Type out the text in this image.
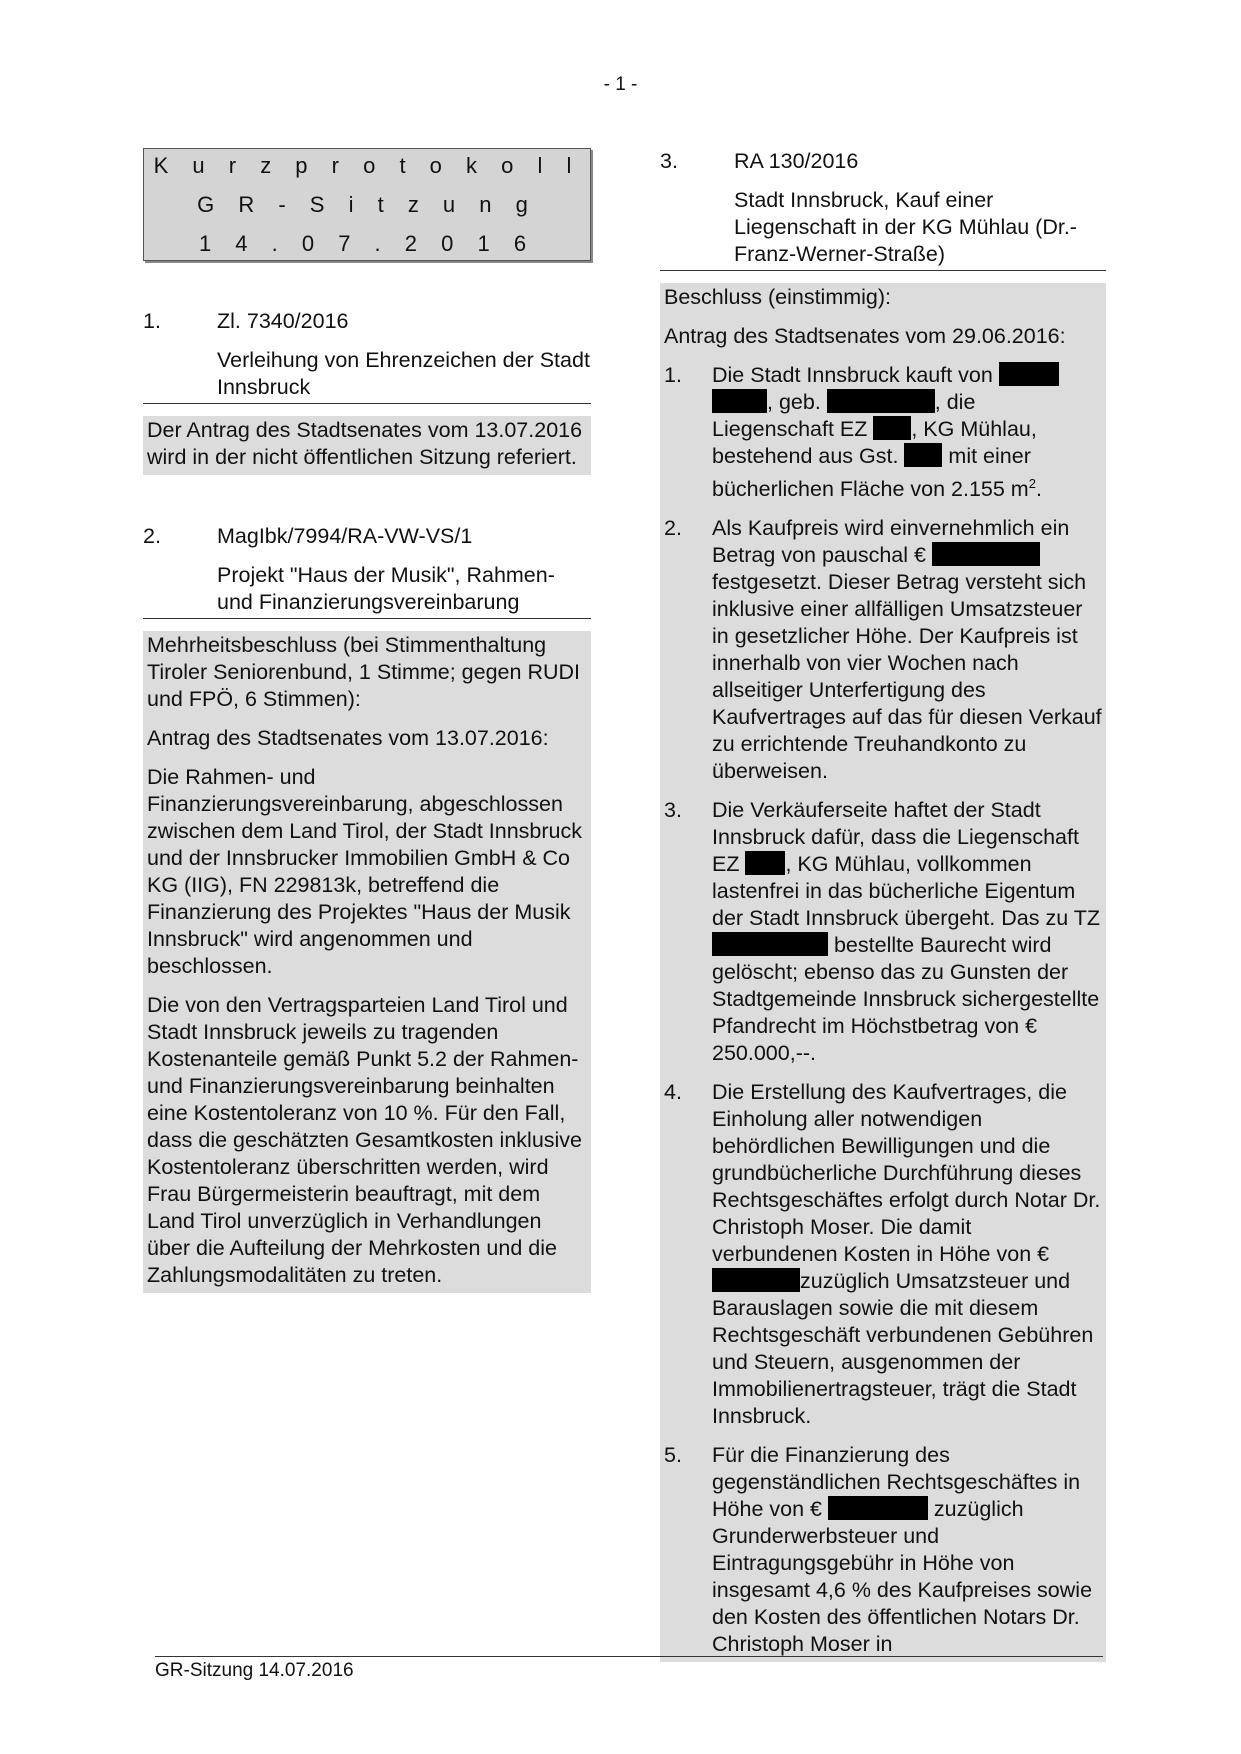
- 1 -
K u r z p r o t o k o l l
G R - S i t z u n g
1 4 . 0 7 . 2 0 1 6
1.	Zl. 7340/2016
Verleihung von Ehrenzeichen der Stadt Innsbruck

Der Antrag des Stadtsenates vom 13.07.2016 wird in der nicht öffentlichen Sitzung referiert.

2.	MagIbk/7994/RA-VW-VS/1
Projekt "Haus der Musik", Rahmen- und Finanzierungsvereinbarung

Mehrheitsbeschluss (bei Stimmenthaltung Tiroler Seniorenbund, 1 Stimme; gegen RUDI und FPÖ, 6 Stimmen):

Antrag des Stadtsenates vom 13.07.2016:

Die Rahmen- und Finanzierungsvereinbarung, abgeschlossen zwischen dem Land Tirol, der Stadt Innsbruck und der Innsbrucker Immobilien GmbH & Co KG (IIG), FN 229813k, betreffend die Finanzierung des Projektes "Haus der Musik Innsbruck" wird angenommen und beschlossen.

Die von den Vertragsparteien Land Tirol und Stadt Innsbruck jeweils zu tragenden Kostenanteile gemäß Punkt 5.2 der Rahmen- und Finanzierungsvereinbarung beinhalten eine Kostentoleranz von 10 %. Für den Fall, dass die geschätzten Gesamtkosten inklusive Kostentoleranz überschritten werden, wird Frau Bürgermeisterin beauftragt, mit dem Land Tirol unverzüglich in Verhandlungen über die Aufteilung der Mehrkosten und die Zahlungsmodalitäten zu treten.

3.	RA 130/2016
Stadt Innsbruck, Kauf einer Liegenschaft in der KG Mühlau (Dr.-Franz-Werner-Straße)

Beschluss (einstimmig):

Antrag des Stadtsenates vom 29.06.2016:

1.	Die Stadt Innsbruck kauft von  , geb.	, die Liegenschaft EZ , KG Mühlau, bestehend aus Gst.  mit einer bücherlichen Fläche von 2.155 $m^2$.
2.	Als Kaufpreis wird einvernehmlich ein Betrag von pauschal €  festgesetzt. Dieser Betrag versteht sich inklusive einer allfälligen Umsatzsteuer in gesetzlicher Höhe. Der Kaufpreis ist innerhalb von vier Wochen nach allseitiger Unterfertigung des Kaufvertrages auf das für diesen Verkauf zu errichtende Treuhandkonto zu überweisen.
3.	Die Verkäuferseite haftet der Stadt Innsbruck dafür, dass die Liegenschaft EZ , KG Mühlau, vollkommen lastenfrei in das bücherliche Eigentum der Stadt Innsbruck übergeht. Das zu TZ  bestellte Baurecht wird gelöscht; ebenso das zu Gunsten der Stadtgemeinde Innsbruck sichergestellte Pfandrecht im Höchstbetrag von € 250.000,--.
4.	Die Erstellung des Kaufvertrages, die Einholung aller notwendigen behördlichen Bewilligungen und die grundbücherliche Durchführung dieses Rechtsgeschäftes erfolgt durch Notar Dr. Christoph Moser. Die damit verbundenen Kosten in Höhe von € zuzüglich Umsatzsteuer und Barauslagen sowie die mit diesem Rechtsgeschäft verbundenen Gebühren und Steuern, ausgenommen der Immobilienertragsteuer, trägt die Stadt Innsbruck.
5.	Für die Finanzierung des gegenständlichen Rechtsgeschäftes in Höhe von €	zuzüglich Grunderwerbsteuer und Eintragungsgebühr in Höhe von insgesamt 4,6 % des Kaufpreises sowie den Kosten des öffentlichen Notars Dr. Christoph Moser in
GR-Sitzung 14.07.2016
